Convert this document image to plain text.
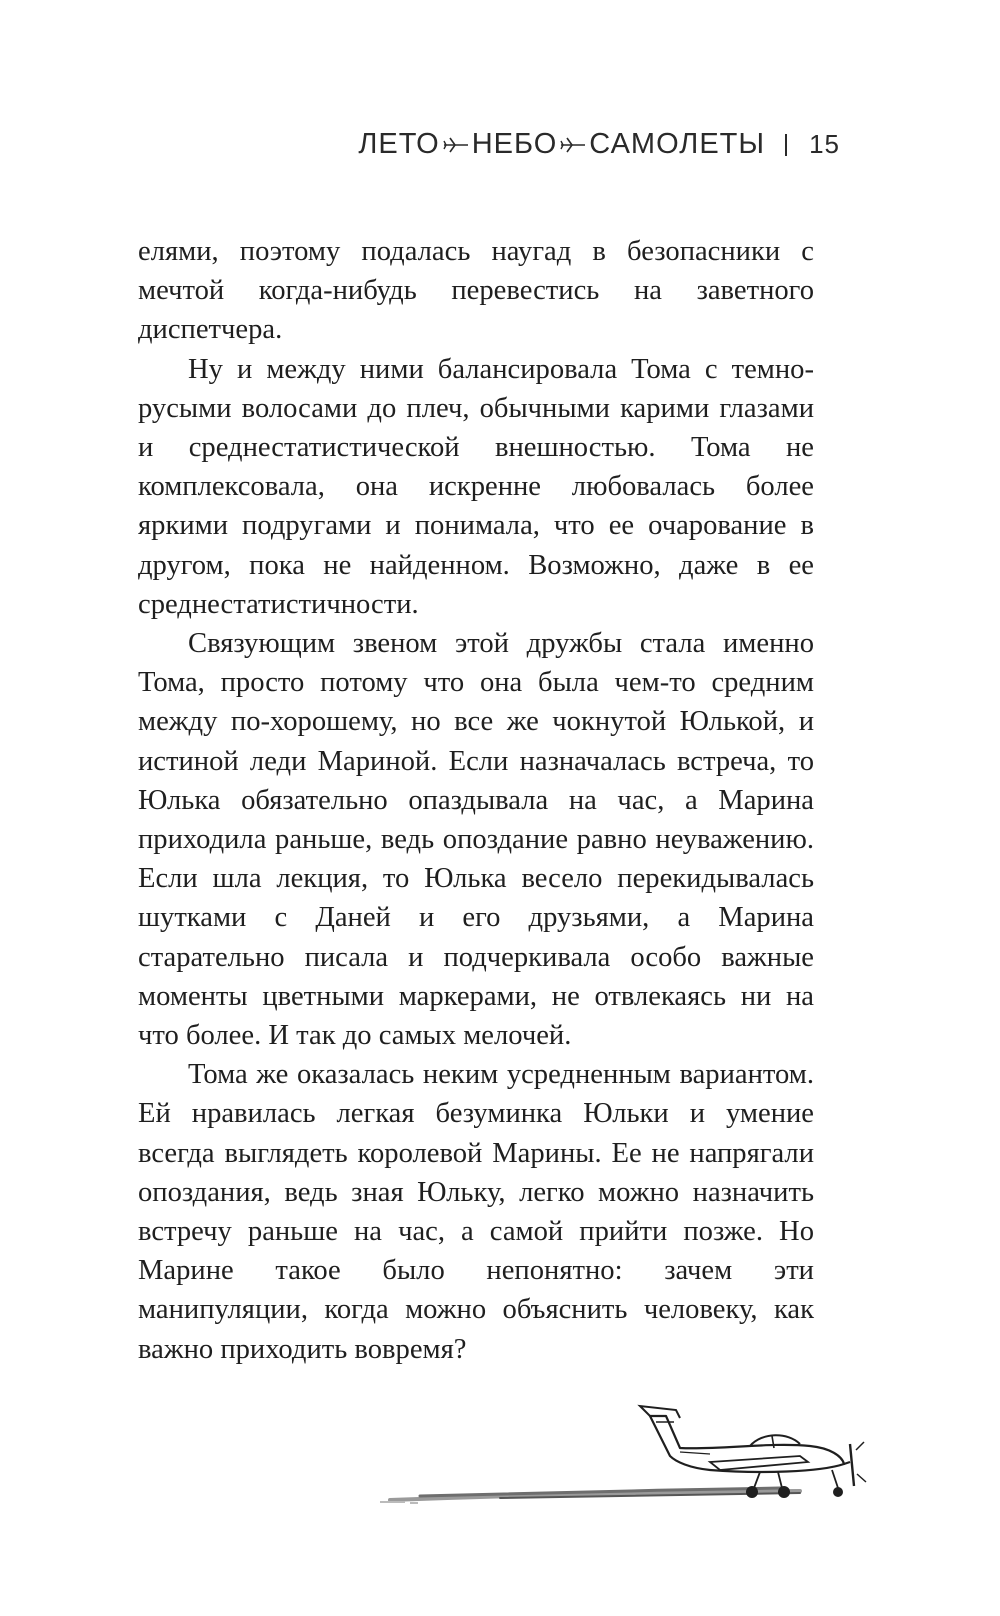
ЛЕТО НЕБО САМОЛЕТЫ 15

елями, поэтому подалась наугад в безопасники с мечтой когда-нибудь перевестись на заветного диспетчера.

Ну и между ними балансировала Тома с темно-русыми волосами до плеч, обычными карими глазами и среднестатистической внешностью. Тома не комплексовала, она искренне любовалась более яркими подругами и понимала, что ее очарование в другом, пока не найденном. Возможно, даже в ее среднестатистичности.

Связующим звеном этой дружбы стала именно Тома, просто потому что она была чем-то средним между по-хорошему, но все же чокнутой Юлькой, и истиной леди Мариной. Если назначалась встреча, то Юлька обязательно опаздывала на час, а Марина приходила раньше, ведь опоздание равно неуважению. Если шла лекция, то Юлька весело перекидывалась шутками с Даней и его друзьями, а Марина старательно писала и подчеркивала особо важные моменты цветными маркерами, не отвлекаясь ни на что более. И так до самых мелочей.

Тома же оказалась неким усредненным вариантом. Ей нравилась легкая безуминка Юльки и умение всегда выглядеть королевой Марины. Ее не напрягали опоздания, ведь зная Юльку, легко можно назначить встречу раньше на час, а самой прийти позже. Но Марине такое было непонятно: зачем эти манипуляции, когда можно объяснить человеку, как важно приходить вовремя?
